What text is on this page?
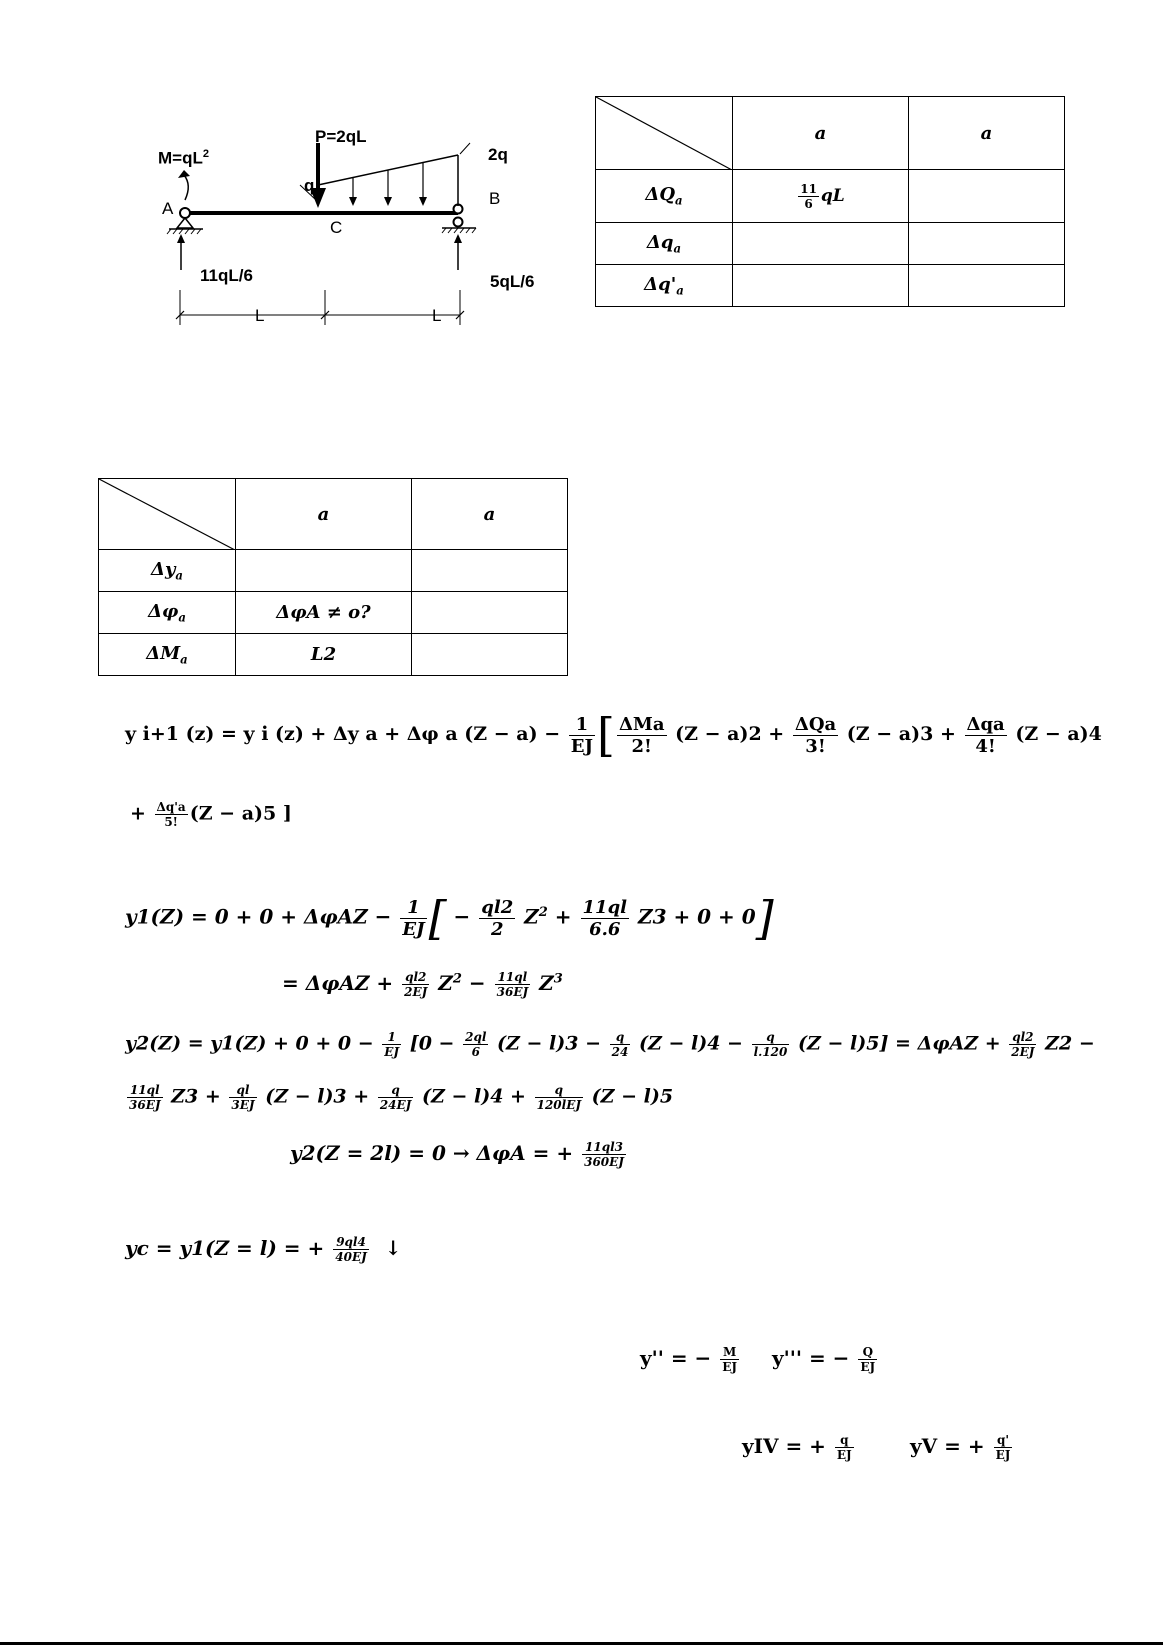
$M=qL^2$
P=2qL
2q
q
A
B
C
11qL/6	5qL/6
L	L
	a	a
$\Delta Q_a$	$\frac{11}{6}$ qL	
$\Delta q_a$		
$\Delta q'_a$		
	a	a
$\Delta y_a$		
$\Delta\varphi_a$	ΔφA ≠ o?	
$\Delta M_a$	L2	
y i+1 (z) = y i (z) + Δy a + Δφ a $(Z - a) - \frac{1}{EJ}$ [ $\frac{\text{ΔMa}}{2!} (Z - a)2 + \frac{\text{ΔQa}}{3!} (Z - a)3 + \frac{\text{Δqa}}{4!} (Z - a)4$
+ $\frac{\Delta q'a}{5!} (Z - a)5$ ]
$y1(Z) = 0 + 0 + \Delta\varphi AZ - \frac{1}{EJ}$ [ − $\frac{ql2}{2} Z^2 + \frac{11ql}{6.6} Z3 + 0 + 0$]
= $\Delta\varphi AZ + \frac{ql2}{2EJ} Z^2 - \frac{11ql}{36EJ} Z^3$
$y2(Z) = y1(Z) + 0 + 0 - \frac{1}{EJ} [0 - \frac{2ql}{6} (Z - l)3 - \frac{q}{24} (Z - l)4 - \frac{q}{l.120} (Z - l)5] = \Delta\varphi AZ + \frac{ql2}{2EJ} Z2$ −
$\frac{11ql}{36EJ} Z3 + \frac{ql}{3EJ} (Z - l)3 + \frac{q}{24EJ} (Z - l)4 + \frac{q}{\text{120lEJ}} (Z - l)5$
y2(Z = 2l) = 0 → ΔφA = + $\frac{11ql3}{360EJ}$
yc = y1(Z = l) = + $\frac{9ql4}{40EJ}$ ↓
y'' = − $\frac{M}{EJ} y'''$ = − $\frac{Q}{EJ}$
yIV = + $\frac{q}{EJ}$	yV = + $\frac{q'}{EJ}$
